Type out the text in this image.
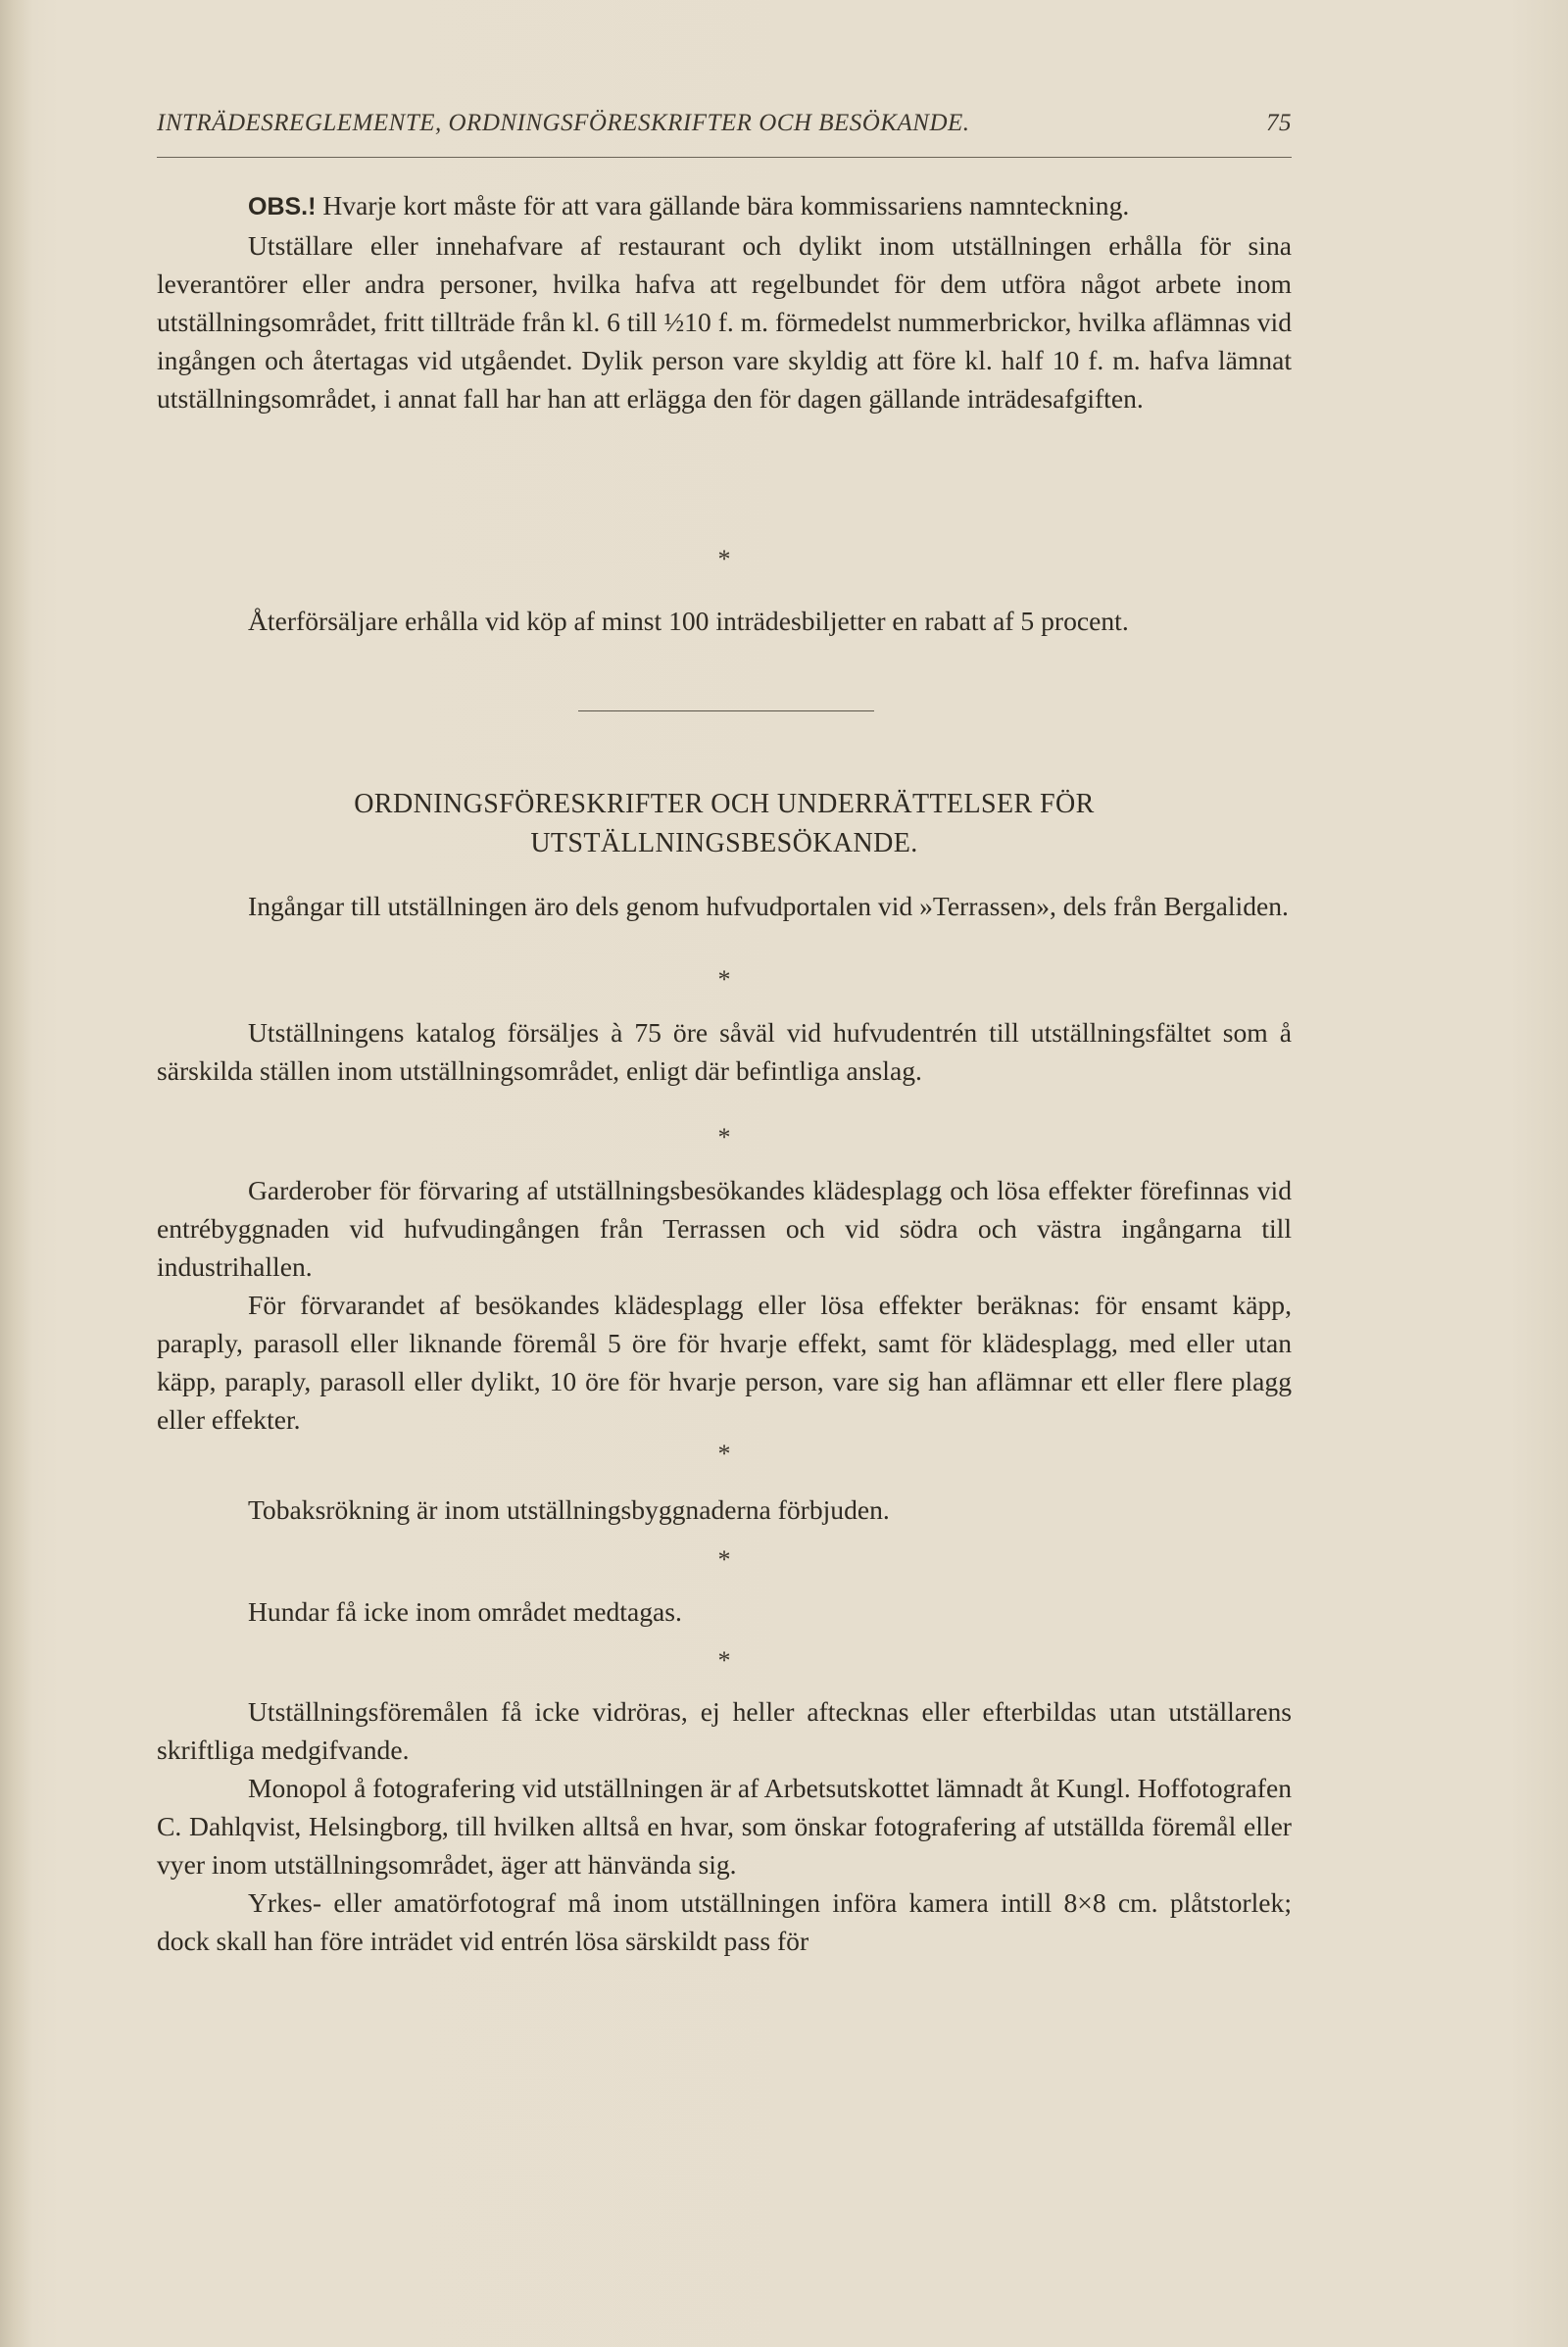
INTRÄDESREGLEMENTE, ORDNINGSFÖRESKRIFTER OCH BESÖKANDE.	75

OBS.! Hvarje kort måste för att vara gällande bära kommissariens namnteckning.

Utställare eller innehafvare af restaurant och dylikt inom utställningen erhålla för sina leverantörer eller andra personer, hvilka hafva att regelbundet för dem utföra något arbete inom utställningsområdet, fritt tillträde från kl. 6 till ½10 f. m. förmedelst nummerbrickor, hvilka aflämnas vid ingången och återtagas vid utgåendet. Dylik person vare skyldig att före kl. half 10 f. m. hafva lämnat utställningsområdet, i annat fall har han att erlägga den för dagen gällande inträdesafgiften.

*

Återförsäljare erhålla vid köp af minst 100 inträdesbiljetter en rabatt af 5 procent.

ORDNINGSFÖRESKRIFTER OCH UNDERRÄTTELSER FÖR
UTSTÄLLNINGSBESÖKANDE.

Ingångar till utställningen äro dels genom hufvudportalen vid »Terrassen», dels från Bergaliden.

*

Utställningens katalog försäljes à 75 öre såväl vid hufvudentrén till utställningsfältet som å särskilda ställen inom utställningsområdet, enligt där befintliga anslag.

*

Garderober för förvaring af utställningsbesökandes klädesplagg och lösa effekter förefinnas vid entrébyggnaden vid hufvudingången från Terrassen och vid södra och västra ingångarna till industrihallen.

För förvarandet af besökandes klädesplagg eller lösa effekter beräknas: för ensamt käpp, paraply, parasoll eller liknande föremål 5 öre för hvarje effekt, samt för klädesplagg, med eller utan käpp, paraply, parasoll eller dylikt, 10 öre för hvarje person, vare sig han aflämnar ett eller flere plagg eller effekter.

*

Tobaksrökning är inom utställningsbyggnaderna förbjuden.

*

Hundar få icke inom området medtagas.

*

Utställningsföremålen få icke vidröras, ej heller aftecknas eller efterbildas utan utställarens skriftliga medgifvande.

Monopol å fotografering vid utställningen är af Arbetsutskottet lämnadt åt Kungl. Hoffotografen C. Dahlqvist, Helsingborg, till hvilken alltså en hvar, som önskar fotografering af utställda föremål eller vyer inom utställningsområdet, äger att hänvända sig.

Yrkes- eller amatörfotograf må inom utställningen införa kamera intill 8×8 cm. plåtstorlek; dock skall han före inträdet vid entrén lösa särskildt pass för
